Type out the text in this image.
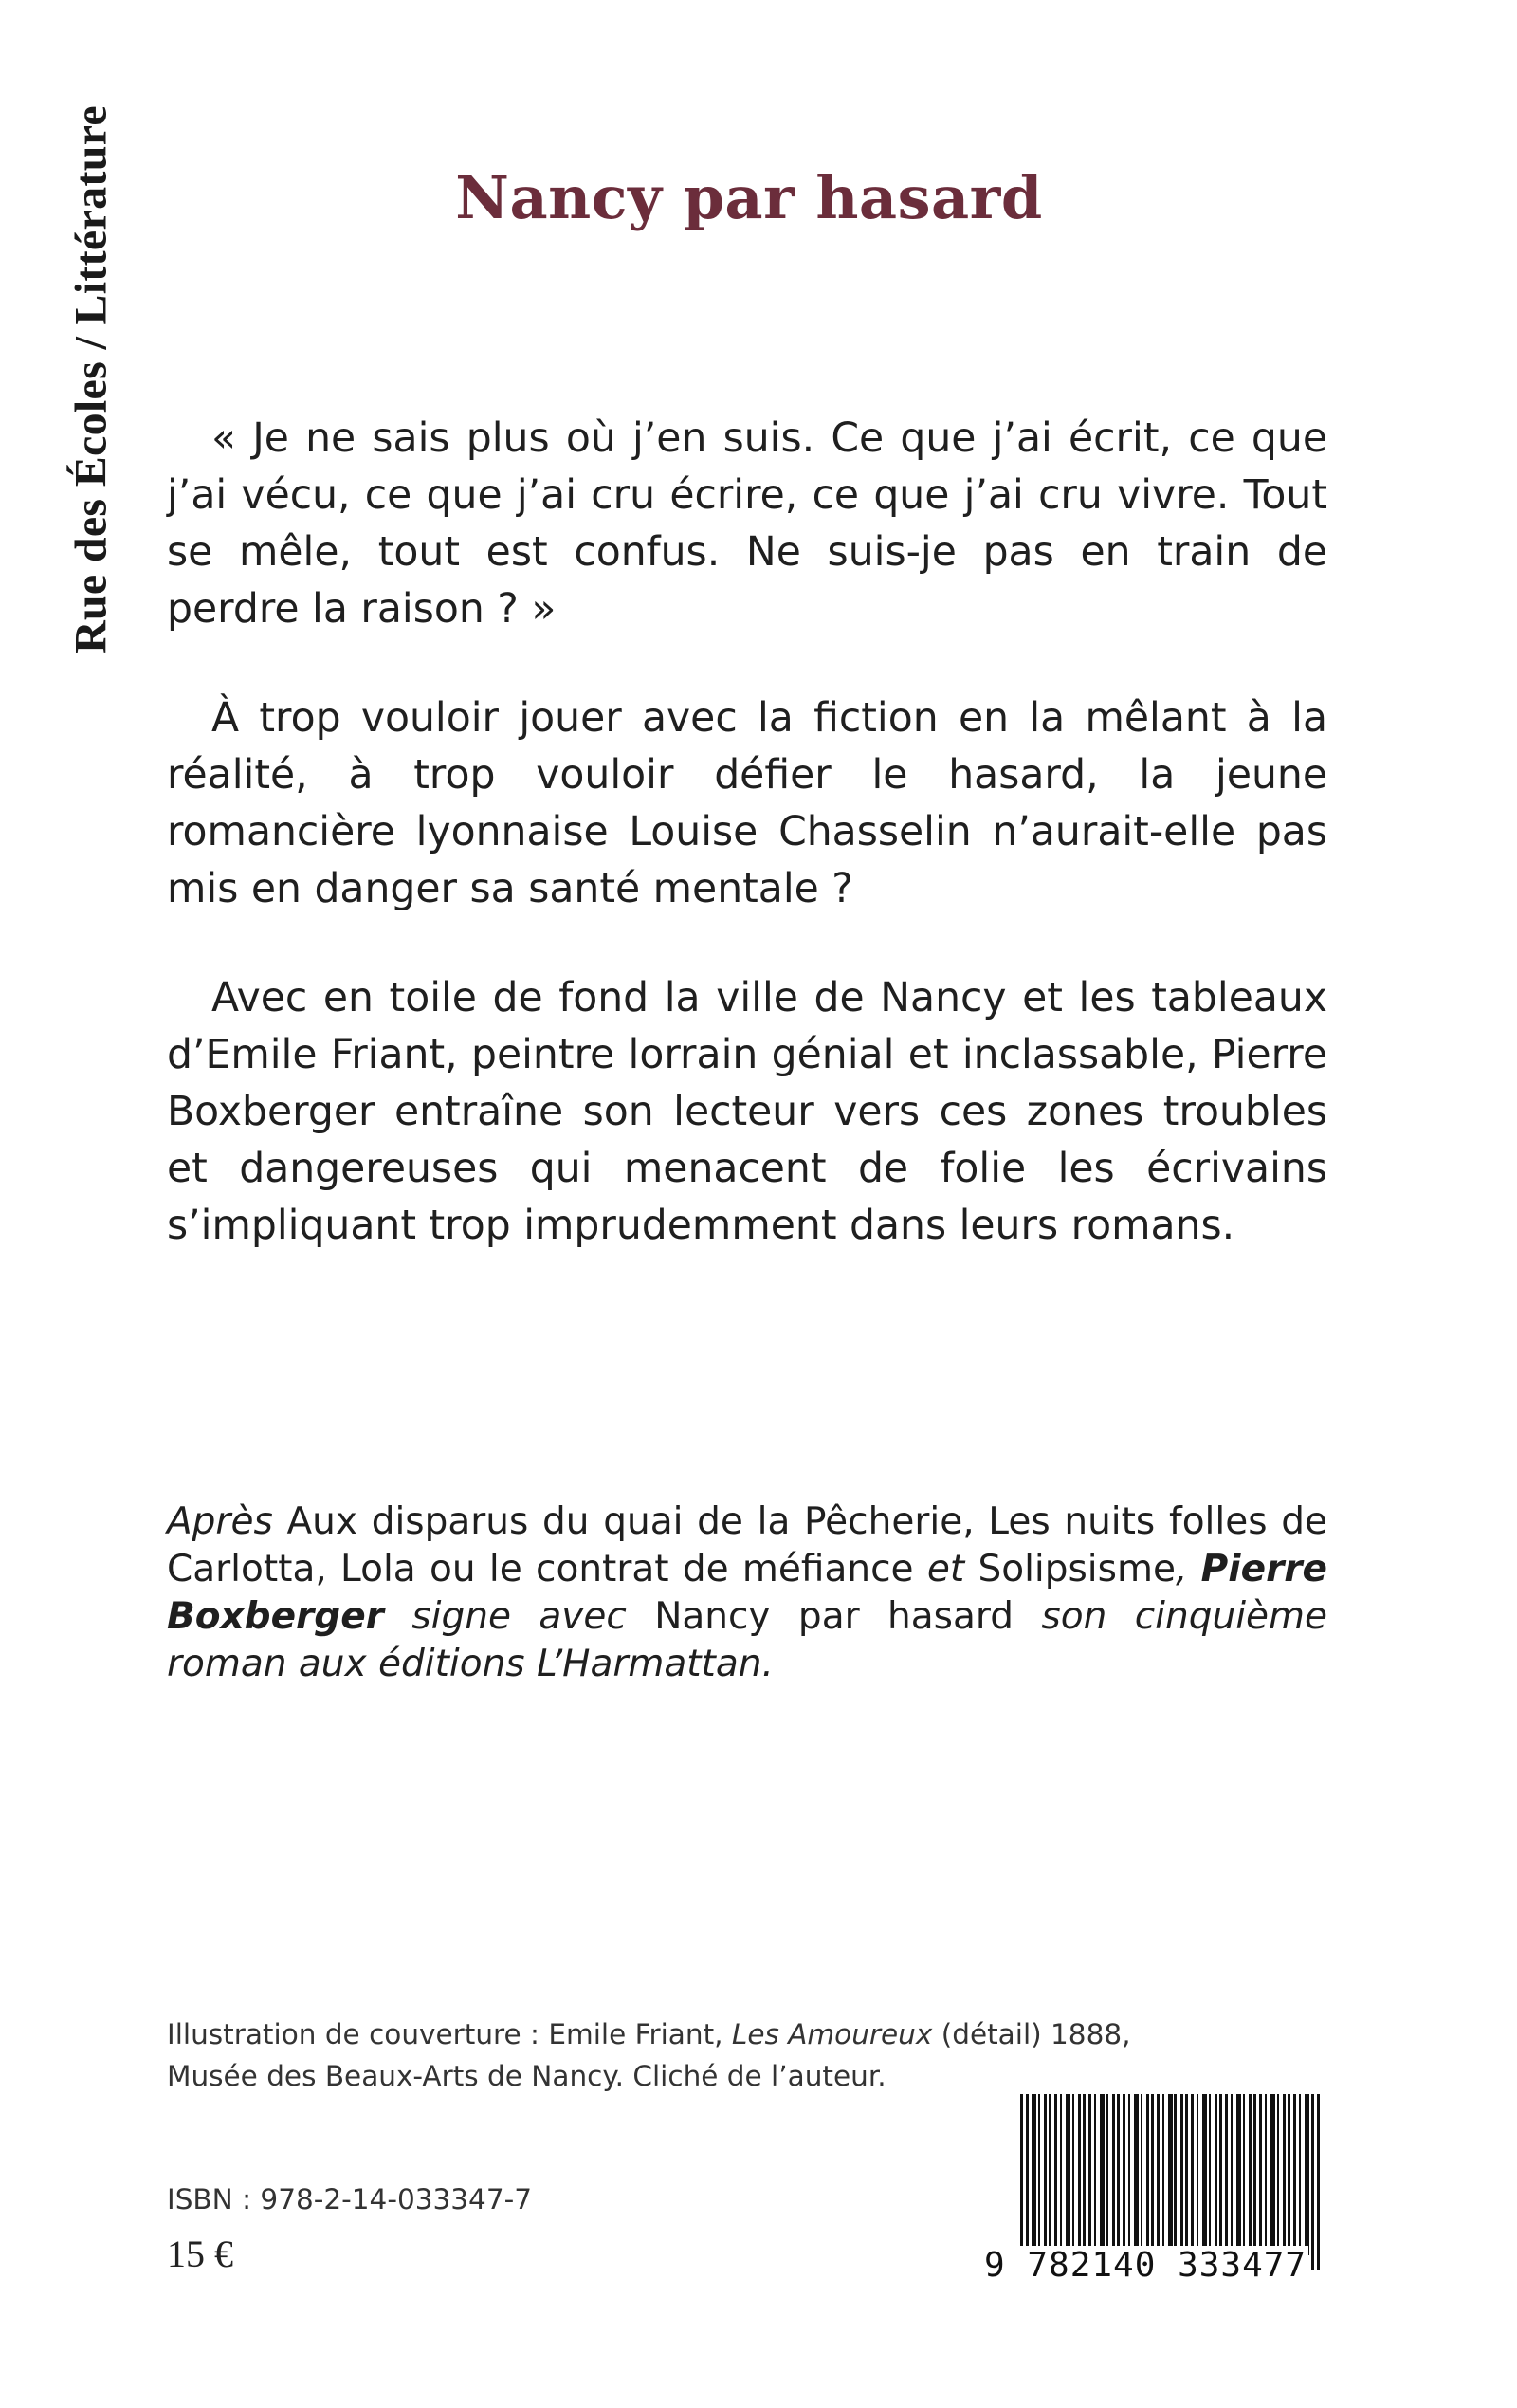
Rue des Écoles / Littérature	Nancy par hasard

« Je ne sais plus où j’en suis. Ce que j’ai écrit, ce que j’ai vécu, ce que j’ai cru écrire, ce que j’ai cru vivre. Tout se mêle, tout est confus. Ne suis-je pas en train de perdre la raison ? »

À trop vouloir jouer avec la fiction en la mêlant à la réalité, à trop vouloir défier le hasard, la jeune romancière lyonnaise Louise Chasselin n’aurait-elle pas mis en danger sa santé mentale ?

Avec en toile de fond la ville de Nancy et les tableaux d’Emile Friant, peintre lorrain génial et inclassable, Pierre Boxberger entraîne son lecteur vers ces zones troubles et dangereuses qui menacent de folie les écrivains s’impliquant trop imprudemment dans leurs romans.

Après Aux disparus du quai de la Pêcherie, Les nuits folles de Carlotta, Lola ou le contrat de méfiance et Solipsisme, Pierre Boxberger signe avec Nancy par hasard son cinquième roman aux éditions L’Harmattan.

Illustration de couverture : Emile Friant, Les Amoureux (détail) 1888,
Musée des Beaux-Arts de Nancy. Cliché de l’auteur.

ISBN : 978-2-14-033347-7

15 €	9 782140 333477
